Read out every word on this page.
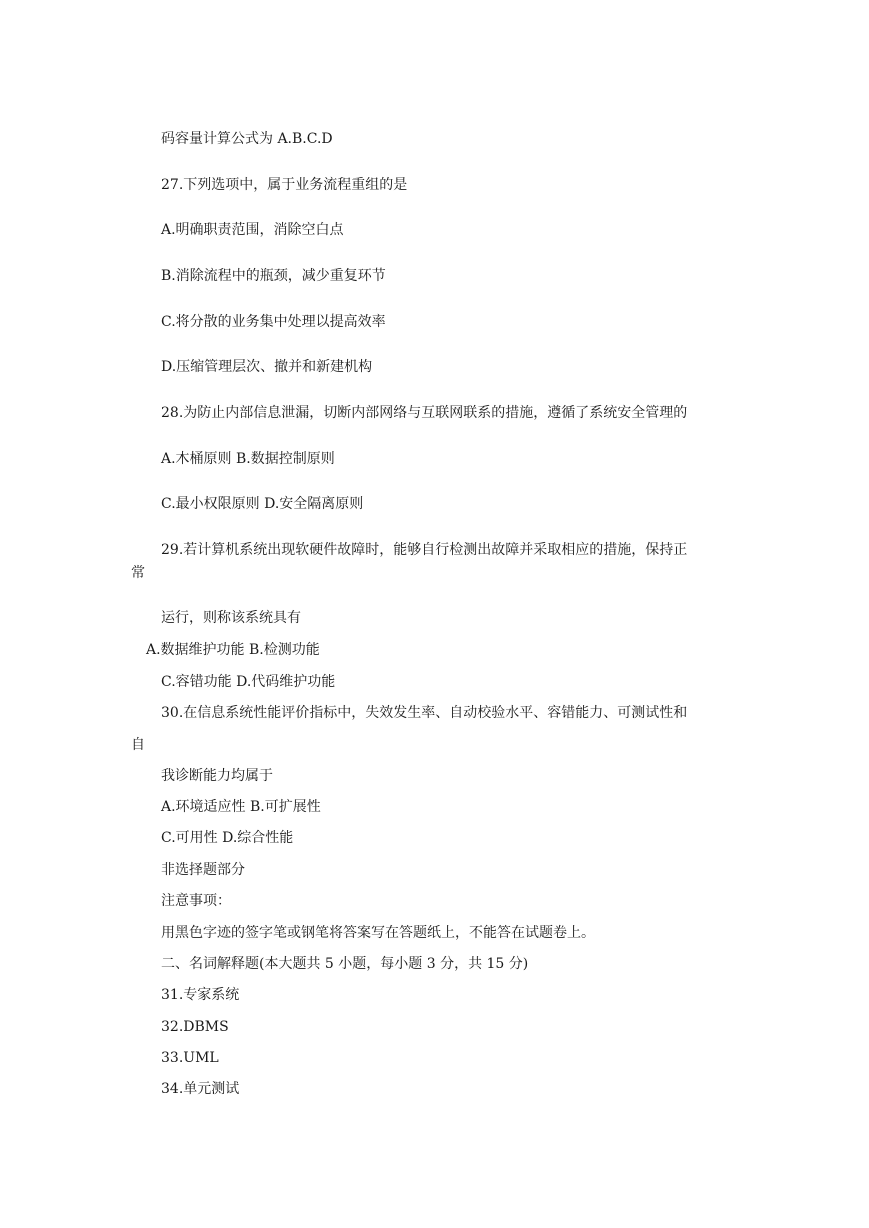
码容量计算公式为 A.B.C.D

27.下列选项中，属于业务流程重组的是

A.明确职责范围，消除空白点

B.消除流程中的瓶颈，减少重复环节

C.将分散的业务集中处理以提高效率

D.压缩管理层次、撤并和新建机构

28.为防止内部信息泄漏，切断内部网络与互联网联系的措施，遵循了系统安全管理的

A.木桶原则 B.数据控制原则

C.最小权限原则 D.安全隔离原则

29.若计算机系统出现软硬件故障时，能够自行检测出故障并采取相应的措施，保持正

常

运行，则称该系统具有

A.数据维护功能 B.检测功能

C.容错功能 D.代码维护功能

30.在信息系统性能评价指标中，失效发生率、自动校验水平、容错能力、可测试性和

自

我诊断能力均属于

A.环境适应性 B.可扩展性

C.可用性 D.综合性能

非选择题部分

注意事项：

用黑色字迹的签字笔或钢笔将答案写在答题纸上，不能答在试题卷上。

二、名词解释题(本大题共 5 小题，每小题 3 分，共 15 分)

31.专家系统

32.DBMS

33.UML

34.单元测试
